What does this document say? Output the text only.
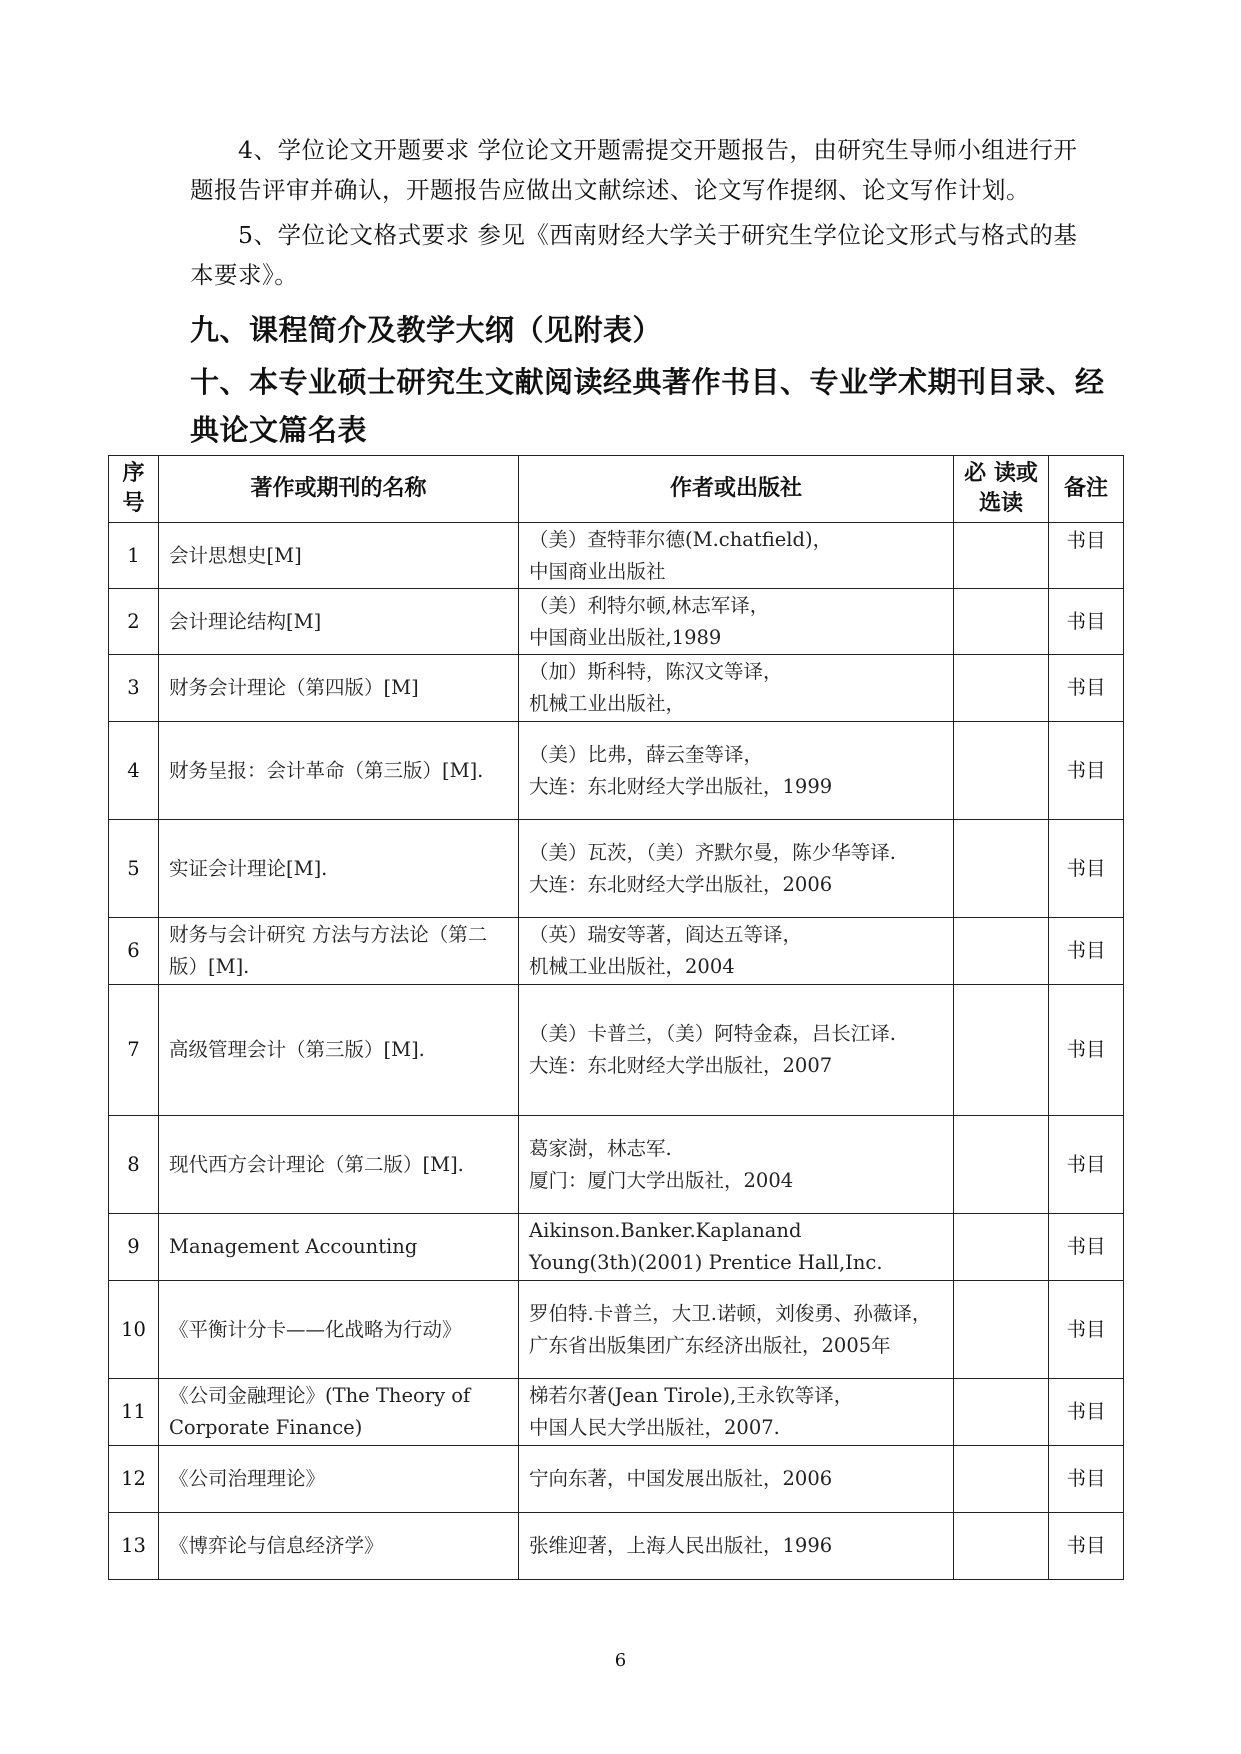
4、学位论文开题要求 学位论文开题需提交开题报告，由研究生导师小组进行开题报告评审并确认，开题报告应做出文献综述、论文写作提纲、论文写作计划。
5、学位论文格式要求 参见《西南财经大学关于研究生学位论文形式与格式的基本要求》。
九、课程简介及教学大纲（见附表）
十、本专业硕士研究生文献阅读经典著作书目、专业学术期刊目录、经典论文篇名表
序号	著作或期刊的名称	作者或出版社	必 读或选读	备注
1	会计思想史[M]	（美）查特菲尔德(M.chatfield)，
中国商业出版社		书目
2	会计理论结构[M]	（美）利特尔顿,林志军译，
中国商业出版社,1989		书目
3	财务会计理论（第四版）[M]	（加）斯科特，陈汉文等译，
机械工业出版社，		书目
4	财务呈报：会计革命（第三版）[M].	（美）比弗，薛云奎等译，
大连：东北财经大学出版社，1999		书目
5	实证会计理论[M].	（美）瓦茨，（美）齐默尔曼，陈少华等译.
大连：东北财经大学出版社，2006		书目
6	财务与会计研究 方法与方法论（第二版）[M].	（英）瑞安等著，阎达五等译，
机械工业出版社，2004		书目
7	高级管理会计（第三版）[M].	（美）卡普兰，（美）阿特金森，吕长江译.
大连：东北财经大学出版社，2007		书目
8	现代西方会计理论（第二版）[M].	葛家澍，林志军.
厦门：厦门大学出版社，2004		书目
9	Management Accounting	Aikinson.Banker.Kaplanand
Young(3th)(2001) Prentice Hall,Inc.		书目
10	《平衡计分卡——化战略为行动》	罗伯特.卡普兰，大卫.诺顿，刘俊勇、孙薇译，
广东省出版集团广东经济出版社，2005年		书目
11	《公司金融理论》(The Theory of Corporate Finance)	梯若尔著(Jean Tirole),王永钦等译，
中国人民大学出版社，2007.		书目
12	《公司治理理论》	宁向东著，中国发展出版社，2006		书目
13	《博弈论与信息经济学》	张维迎著，上海人民出版社，1996		书目
6
